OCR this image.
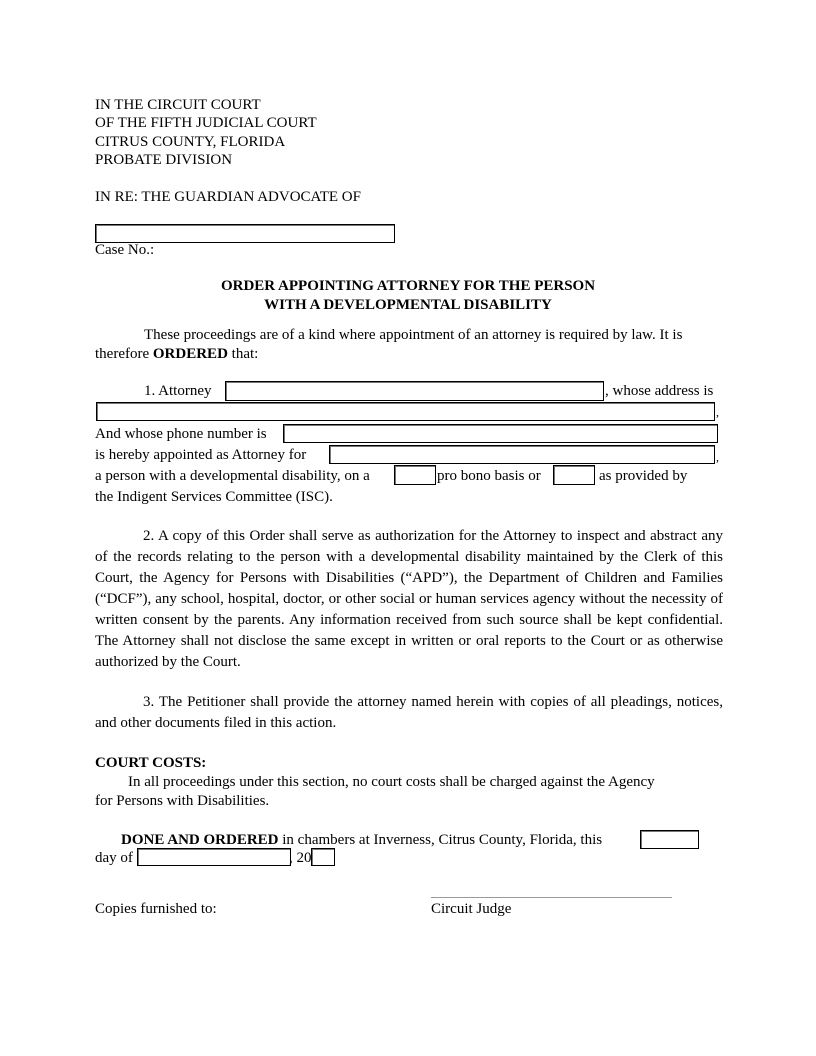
IN THE CIRCUIT COURT
OF THE FIFTH JUDICIAL COURT
CITRUS COUNTY, FLORIDA
PROBATE DIVISION
IN RE: THE GUARDIAN ADVOCATE OF
Case No.:
ORDER APPOINTING ATTORNEY FOR THE PERSON
WITH A DEVELOPMENTAL DISABILITY
These proceedings are of a kind where appointment of an attorney is required by law. It is
therefore ORDERED that:
1. Attorney	, whose address is
,
And whose phone number is
is hereby appointed as Attorney for	,
a person with a developmental disability, on a	pro bono basis or	as provided by
the Indigent Services Committee (ISC).
2. A copy of this Order shall serve as authorization for the Attorney to inspect and abstract any of the records relating to the person with a developmental disability maintained by the Clerk of this Court, the Agency for Persons with Disabilities (“APD”), the Department of Children and Families (“DCF”), any school, hospital, doctor, or other social or human services agency without the necessity of written consent by the parents. Any information received from such source shall be kept confidential. The Attorney shall not disclose the same except in written or oral reports to the Court or as otherwise authorized by the Court.
3. The Petitioner shall provide the attorney named herein with copies of all pleadings, notices, and other documents filed in this action.
COURT COSTS:
In all proceedings under this section, no court costs shall be charged against the Agency
for Persons with Disabilities.
DONE AND ORDERED in chambers at Inverness, Citrus County, Florida, this
day of	, 20
Copies furnished to:	Circuit Judge
